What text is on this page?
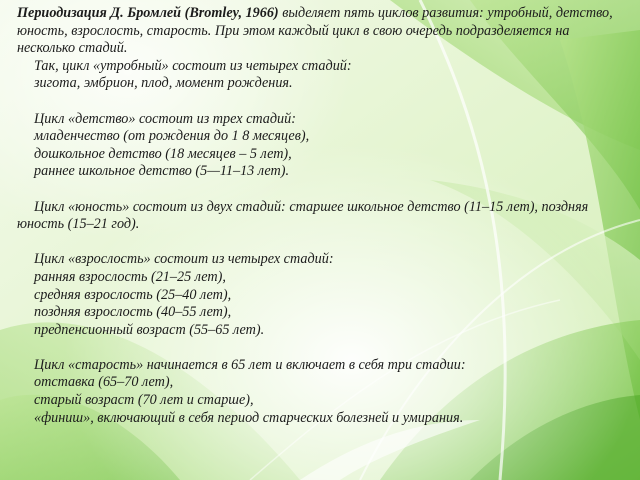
Периодизация Д. Бромлей (Bromley, 1966) выделяет пять циклов развития: утробный, детство, юность, взрослость, старость. При этом каждый цикл в свою очередь подразделяется на несколько стадий.

Так, цикл «утробный» состоит из четырех стадий:

зигота, эмбрион, плод, момент рождения.

Цикл «детство» состоит из трех стадий:

младенчество (от рождения до 1 8 месяцев),

дошкольное детство (18 месяцев – 5 лет),

раннее школьное детство (5—11–13 лет).

Цикл «юность» состоит из двух стадий: старшее школьное детство (11–15 лет), поздняя юность (15–21 год).

Цикл «взрослость» состоит из четырех стадий:

ранняя взрослость (21–25 лет),

средняя взрослость (25–40 лет),

поздняя взрослость (40–55 лет),

предпенсионный возраст (55–65 лет).

Цикл «старость» начинается в 65 лет и включает в себя три стадии:

отставка (65–70 лет),

старый возраст (70 лет и старше),

«финиш», включающий в себя период старческих болезней и умирания.
